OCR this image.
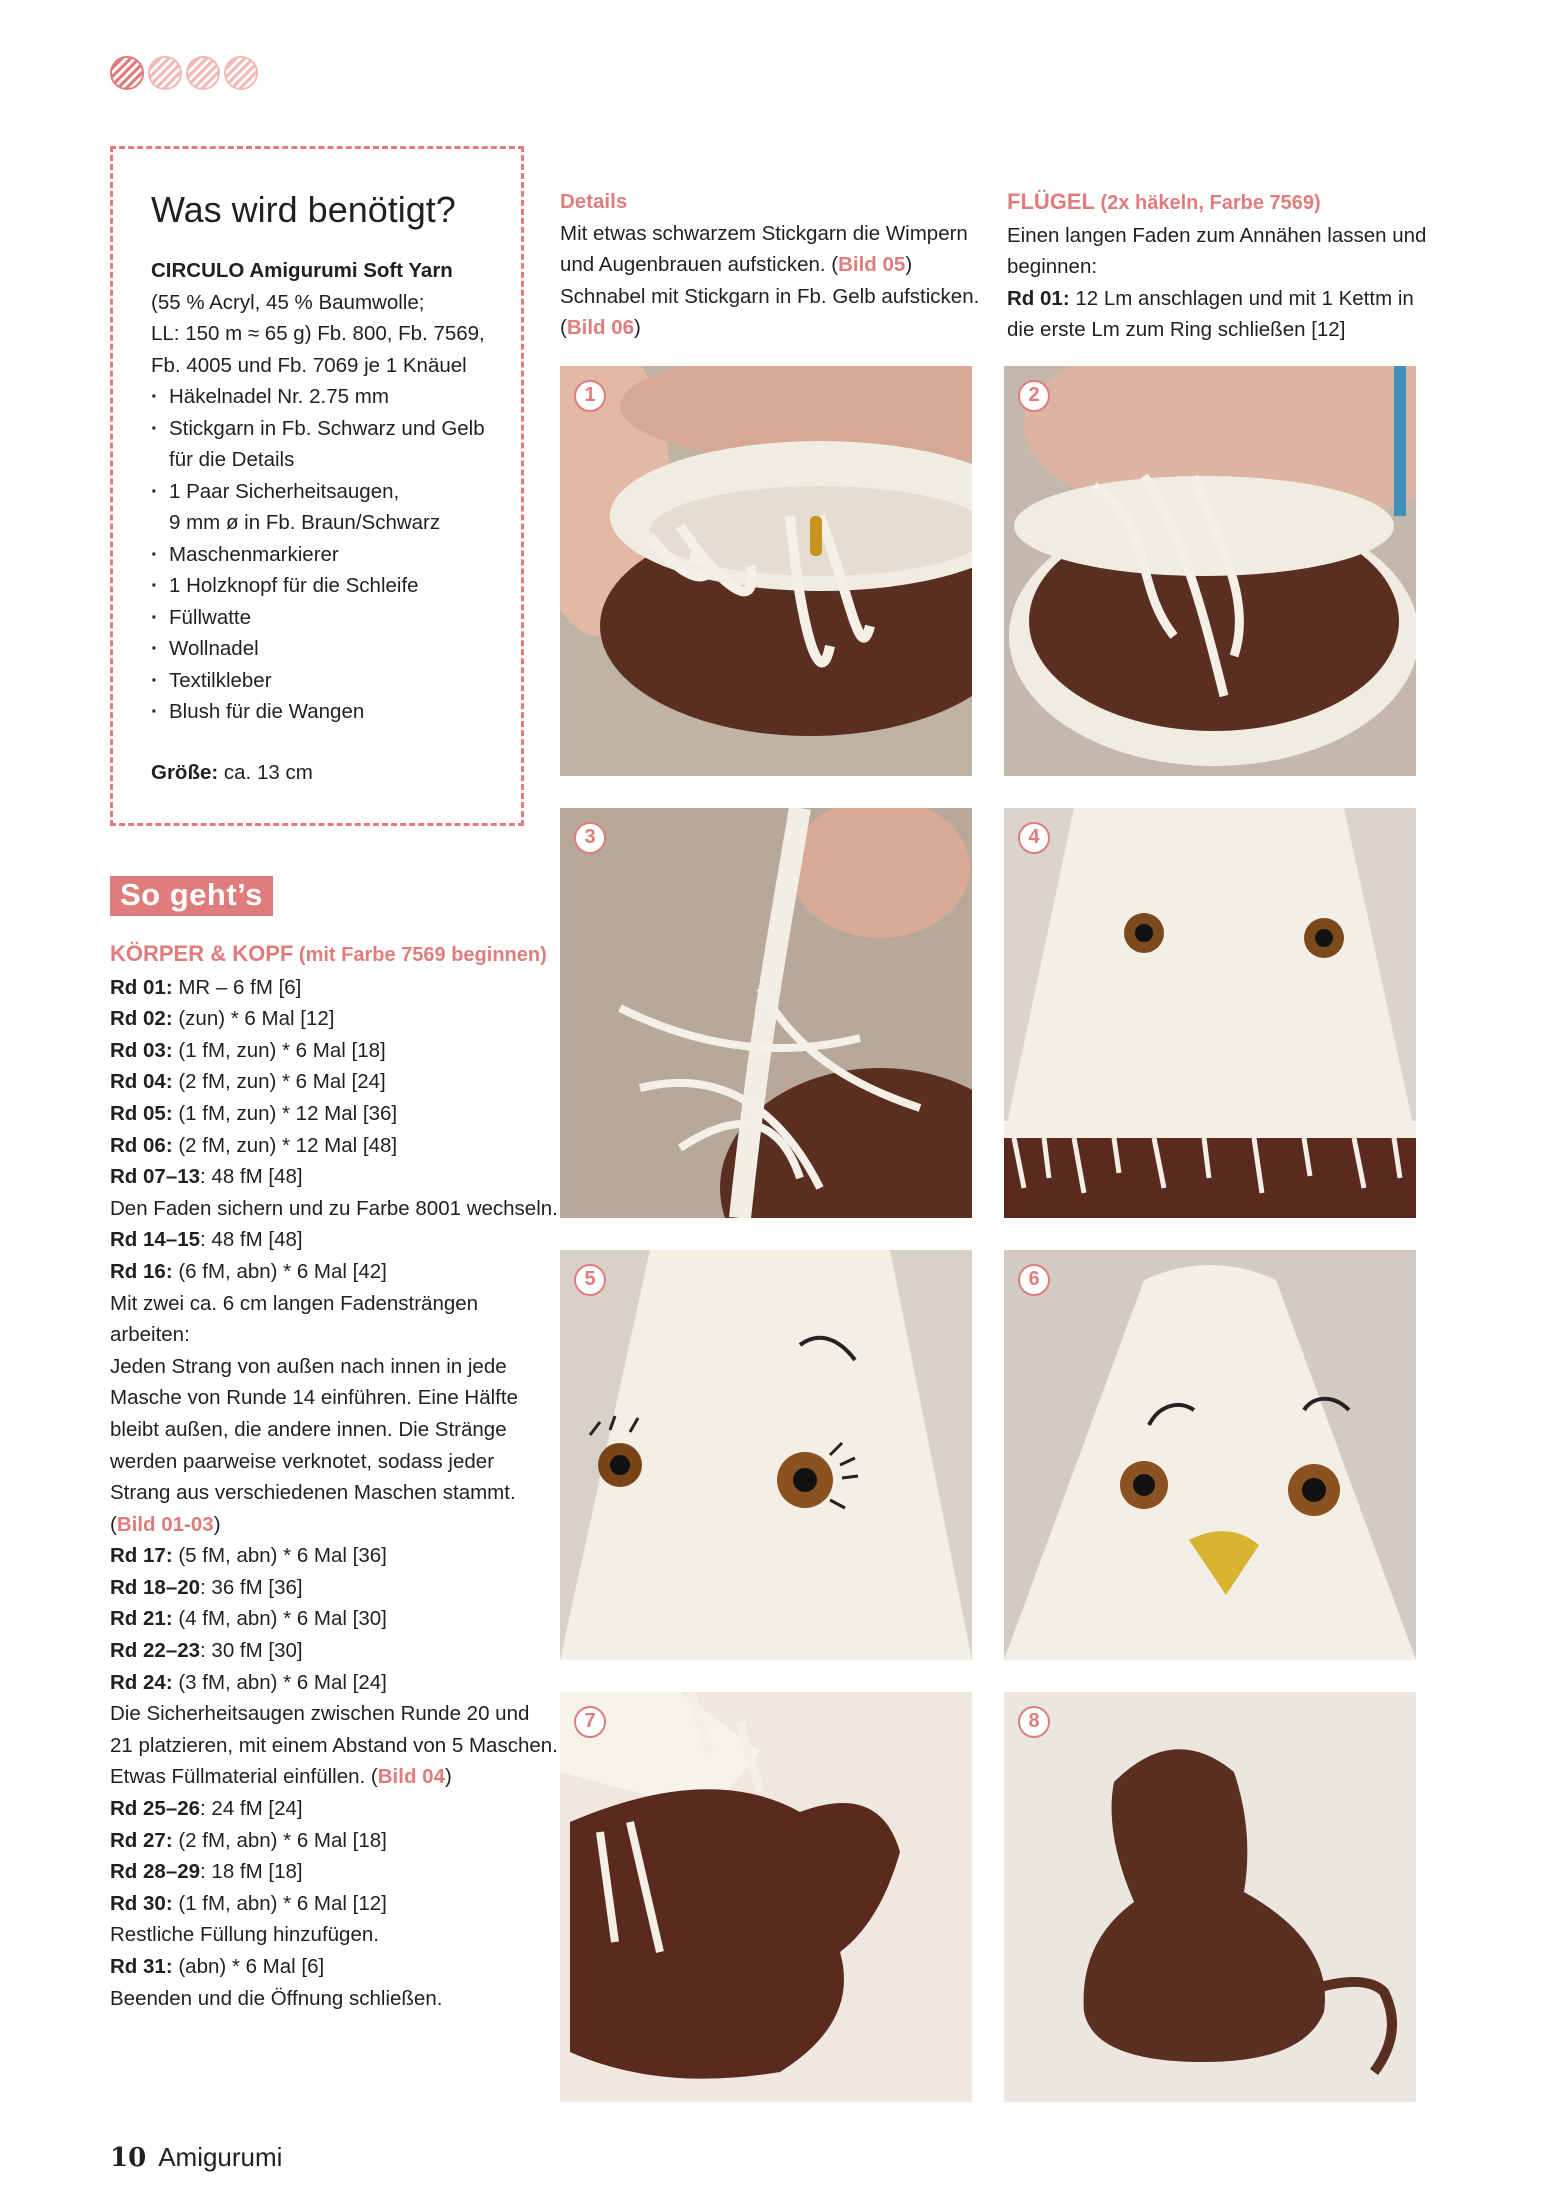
Was wird benötigt?
CIRCULO Amigurumi Soft Yarn
(55 % Acryl, 45 % Baumwolle;
LL: 150 m ≈ 65 g) Fb. 800, Fb. 7569,
Fb. 4005 und Fb. 7069 je 1 Knäuel
· Häkelnadel Nr. 2.75 mm
· Stickgarn in Fb. Schwarz und Gelb
für die Details
· 1 Paar Sicherheitsaugen,
9 mm ø in Fb. Braun/Schwarz
· Maschenmarkierer
· 1 Holzknopf für die Schleife
· Füllwatte
· Wollnadel
· Textilkleber
· Blush für die Wangen
Größe: ca. 13 cm
So geht’s
KÖRPER & KOPF (mit Farbe 7569 beginnen)
Rd 01: MR – 6 fM [6]
Rd 02: (zun) * 6 Mal [12]
Rd 03: (1 fM, zun) * 6 Mal [18]
Rd 04: (2 fM, zun) * 6 Mal [24]
Rd 05: (1 fM, zun) * 12 Mal [36]
Rd 06: (2 fM, zun) * 12 Mal [48]
Rd 07–13: 48 fM [48]
Den Faden sichern und zu Farbe 8001 wechseln.
Rd 14–15: 48 fM [48]
Rd 16: (6 fM, abn) * 6 Mal [42]
Mit zwei ca. 6 cm langen Fadensträngen
arbeiten:
Jeden Strang von außen nach innen in jede
Masche von Runde 14 einführen. Eine Hälfte
bleibt außen, die andere innen. Die Stränge
werden paarweise verknotet, sodass jeder
Strang aus verschiedenen Maschen stammt.
(Bild 01-03)
Rd 17: (5 fM, abn) * 6 Mal [36]
Rd 18–20: 36 fM [36]
Rd 21: (4 fM, abn) * 6 Mal [30]
Rd 22–23: 30 fM [30]
Rd 24: (3 fM, abn) * 6 Mal [24]
Die Sicherheitsaugen zwischen Runde 20 und
21 platzieren, mit einem Abstand von 5 Maschen.
Etwas Füllmaterial einfüllen. (Bild 04)
Rd 25–26: 24 fM [24]
Rd 27: (2 fM, abn) * 6 Mal [18]
Rd 28–29: 18 fM [18]
Rd 30: (1 fM, abn) * 6 Mal [12]
Restliche Füllung hinzufügen.
Rd 31: (abn) * 6 Mal [6]
Beenden und die Öffnung schließen.
Details
Mit etwas schwarzem Stickgarn die Wimpern
und Augenbrauen aufsticken. (Bild 05)
Schnabel mit Stickgarn in Fb. Gelb aufsticken.
(Bild 06)
FLÜGEL (2x häkeln, Farbe 7569)
Einen langen Faden zum Annähen lassen und
beginnen:
Rd 01: 12 Lm anschlagen und mit 1 Kettm in
die erste Lm zum Ring schließen [12]
1	2
3	4
5	6
7	8
10 Amigurumi
